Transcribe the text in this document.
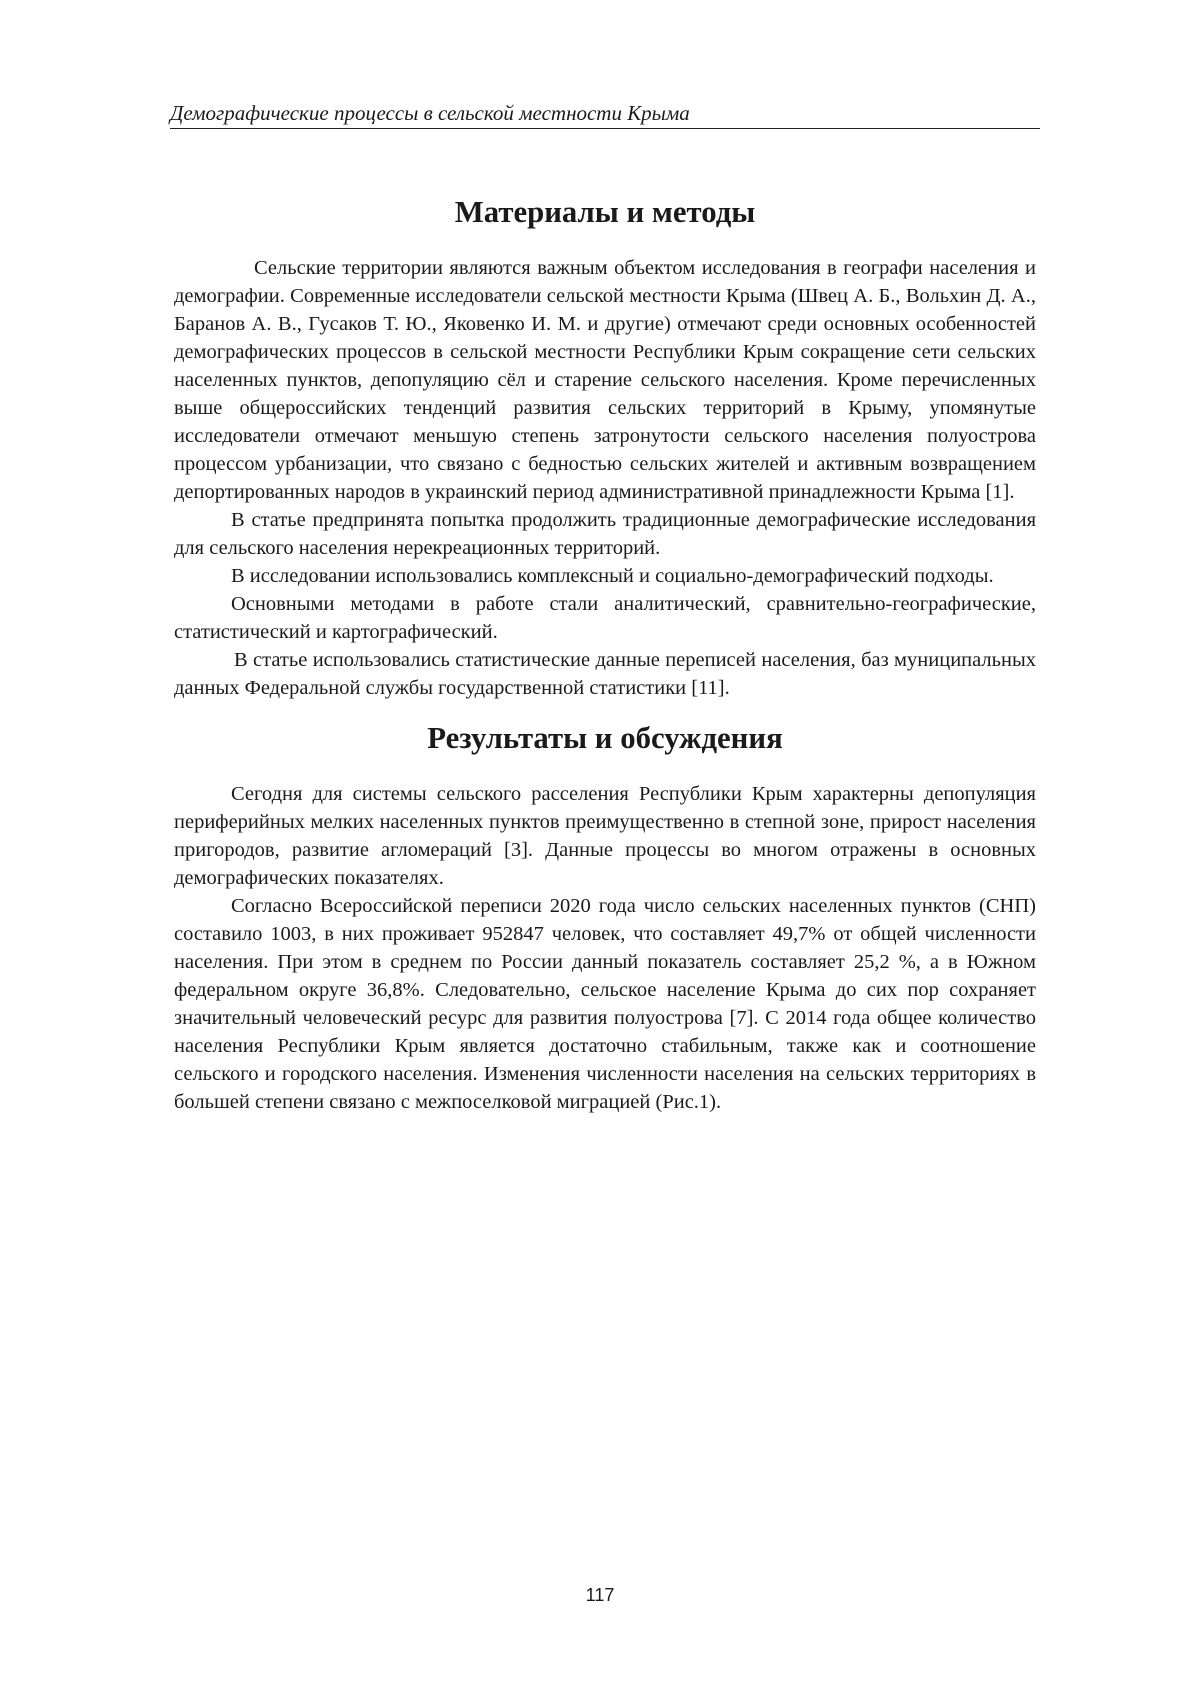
Демографические процессы в сельской местности Крыма
Материалы и методы

Сельские территории являются важным объектом исследования в географи населения и демографии. Современные исследователи сельской местности Крыма (Швец А. Б., Вольхин Д. А., Баранов А. В., Гусаков Т. Ю., Яковенко И. М. и другие) отмечают среди основных особенностей демографических процессов в сельской местности Республики Крым сокращение сети сельских населенных пунктов, депопуляцию сёл и старение сельского населения. Кроме перечисленных выше общероссийских тенденций развития сельских территорий в Крыму, упомянутые исследователи отмечают меньшую степень затронутости сельского населения полуострова процессом урбанизации, что связано с бедностью сельских жителей и активным возвращением депортированных народов в украинский период административной принадлежности Крыма [1].

В статье предпринята попытка продолжить традиционные демографические исследования для сельского населения нерекреационных территорий.

В исследовании использовались комплексный и социально-демографический подходы.

Основными методами в работе стали аналитический, сравнительно-географические, статистический и картографический.

В статье использовались статистические данные переписей населения, баз муниципальных данных Федеральной службы государственной статистики [11].

Результаты и обсуждения

Сегодня для системы сельского расселения Республики Крым характерны депопуляция периферийных мелких населенных пунктов преимущественно в степной зоне, прирост населения пригородов, развитие агломераций [3]. Данные процессы во многом отражены в основных демографических показателях.

Согласно Всероссийской переписи 2020 года число сельских населенных пунктов (СНП) составило 1003, в них проживает 952847 человек, что составляет 49,7% от общей численности населения. При этом в среднем по России данный показатель составляет 25,2 %, а в Южном федеральном округе 36,8%. Следовательно, сельское население Крыма до сих пор сохраняет значительный человеческий ресурс для развития полуострова [7]. С 2014 года общее количество населения Республики Крым является достаточно стабильным, также как и соотношение сельского и городского населения. Изменения численности населения на сельских территориях в большей степени связано с межпоселковой миграцией (Рис.1).

117
